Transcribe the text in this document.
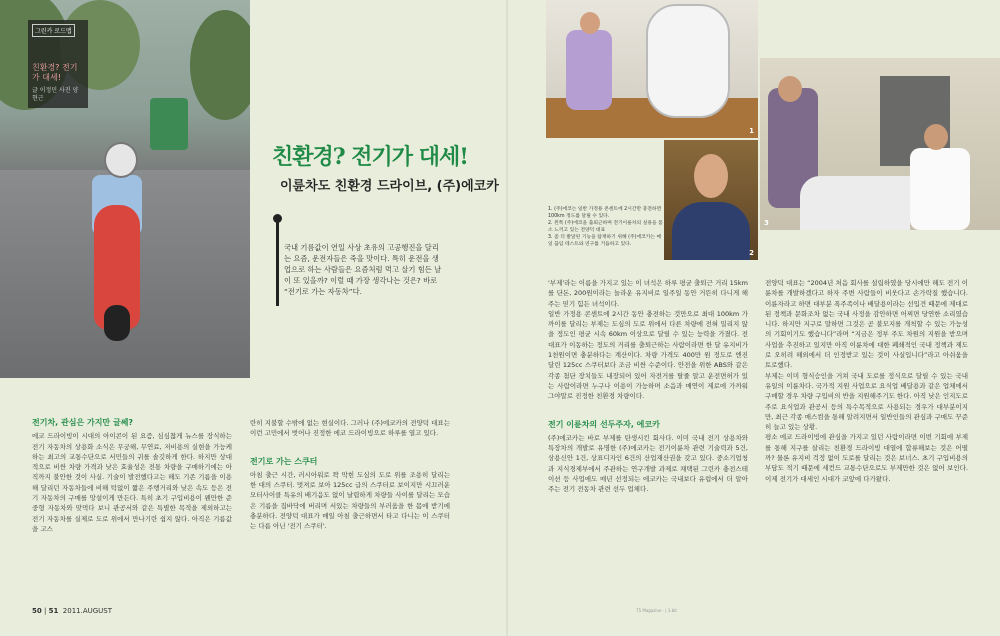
그린카 로드맵
친환경? 전기가 대세!
글 이정민 사진 양현근
친환경? 전기가 대세!
이륜차도 친환경 드라이브, (주)에코카
국내 기름값이 연일 사상 초유의 고공행진을 달리는 요즘, 운전자들은 죽을 맛이다. 특히 운전을 생업으로 하는 사람들은 요즘처럼 먹고 살기 힘든 날이 또 있을까? 이럴 때 가장 생각나는 것은? 바로 “전기로 가는 자동차”다.
1
2
3
1. (주)에코는 일반 가정용 콘센트에 2시간만 충전하면 100km 정도를 달릴 수 있다.
2. 왼쪽 (주)에코을 출퇴근하며 전기이륜차의 실용을 몸소 느끼고 있는 전양덕 대표
3. 좀 더 발달된 기능을 탑재하기 위해 (주)에코카는 매일 끊임 테스트와 연구를 거듭하고 있다.
전기차, 관심은 가지만 글쎄?
에코 드라이빙이 시대의 아이콘이 된 요즘, 심심찮게 뉴스를 장식하는 전기 자동차의 상용화 소식은 무궁해, 무연료, 저비용의 실현을 가능케 하는 최고의 교통수단으로 서민들의 귀를 솔깃하게 한다. 하지만 상대적으로 비싼 차량 가격과 낮은 효율성은 전통 차량을 구매하기에는 아직까지 불안한 것이 사실. 기술이 발전했다고는 해도 기존 기름을 이용해 달리던 자동차들에 비해 턱없이 짧은 주행거리와 낮은 속도 등은 전기 자동차의 구매를 망설이게 만든다. 특히 초기 구입비용이 웬만한 준중형 자동차와 맞먹다 보니 관공서와 같은 특별한 목적을 제외하고는 전기 자동차를 실제로 도로 위에서 만나기란 쉽지 않다. 아직은 기름값을 고스
란히 지불할 수밖에 없는 현실이다. 그러나 (주)에코카의 전양덕 대표는 이런 고민에서 벗어나 진정한 에코 드라이빙으로 하루를 열고 있다.
전기로 가는 스쿠터
아침 출근 시간, 러시아워로 꽉 막힌 도심의 도로 위를 조용히 달리는 한 대의 스쿠터. 멋져로 보아 125cc 급의 스쿠터로 보이지만 시끄러운 모터사이클 특유의 배기음도 없이 날렵하게 차량들 사이를 달리는 모습은 기름을 집바닥에 버리며 서있는 차량들의 부러움을 한 몸에 받기에 충분하다. 전양덕 대표가 매일 아침 출근하면서 타고 다니는 이 스쿠터는 다름 아닌 '전기 스쿠터'.
'부제'라는 이름을 가지고 있는 이 녀석은 하루 평균 출퇴근 거리 15km를 단돈, 200원이라는 놀라운 유지비로 일주일 동안 거뜬히 다니게 해주는 믿기 힘든 녀석이다.
일반 가정용 콘센트에 2시간 동안 충전하는 것만으로 최대 100km 가까이를 달리는 부제는 도심의 도로 위에서 다른 차량에 전혀 밀리지 않을 정도인 평균 시속 60km 이상으로 달릴 수 있는 능력을 가졌다. 전 대표가 이동하는 정도의 거리를 출퇴근하는 사람이라면 한 달 유지비가 1천원이면 충분하다는 계산이다. 차량 가격도 400만 원 정도로 엔진 달린 125cc 스쿠터보다 조금 비싼 수준이다. 안전을 위한 ABS와 같은 각종 첨단 장치들도 내장되어 있어 자전거를 탈줄 알고 운전면허가 있는 사람이라면 누구나 이용이 가능하며 소음과 매연이 제로에 가까워 그야말로 진정한 친환경 차량이다.
전기 이륜차의 선두주자, 에코카
(주)에코카는 바로 부제를 탄생시킨 회사다. 이미 국내 전기 상용차와 특장차의 개발로 유명한 (주)에코카는 전기이륜차 관련 기술력과 5건, 상용신안 1건, 상표디자인 6건의 산업재산권을 갖고 있다. 중소기업청과 지식경제부에서 주관하는 연구개발 과제로 채택된 그린카 충전스테이션 등 사업에도 매년 선정되는 에코카는 국내보다 유럽에서 더 알아주는 전기 전동차 관련 선두 업체다.
전양덕 대표는 “2004년 처음 회사를 설립하였을 당시에만 해도 전기 이륜차를 개발하겠다고 하자 주변 사람들이 비웃다고 손가락질 했습니다. 이륜자라고 하면 대부분 폭주족이나 배달용이라는 선입견 때문에 제대로 된 정책과 문화조차 없는 국내 사정을 감안하면 어찌면 당연한 소리였습니다. 하지만 지구로 말하면 그것은 곧 불모지를 개척할 수 있는 가능성의 기회이기도 했습니다”라며 “지금은 정부 주도 차원의 지원을 받으며 사업을 추진하고 있지만 아직 이륜차에 대한 폐쇄적인 국내 정책과 제도로 오히려 해외에서 더 인정받고 있는 것이 사실입니다”라고 아쉬움을 토로했다.
부제는 이미 형식승인을 거쳐 국내 도로를 정식으로 달릴 수 있는 국내 유일의 이륜차다. 국가적 지원 사업으로 요식업 배달용과 같은 업체에서 구매할 경우 차량 구입비의 반을 지원해주기도 한다. 아직 낮은 인지도로 주로 요식업과 관공서 등의 특수목적으로 사용되는 경우가 대부분이지만, 최근 각종 매스컴을 통해 알려지면서 일반인들의 관심과 구매도 꾸준히 늘고 있는 상황.
평소 에코 드라이빙에 관심을 가지고 있던 사람이라면 이번 기회에 부제를 통해 지구를 살리는 친환경 드라이빙 대열에 합류해보는 것은 어떨까? 물론 유지비 걱정 없이 도로를 달리는 것은 보너스. 초기 구입비용의 부담도 적기 때문에 세컨드 교통수단으로도 부제만한 것은 없어 보인다. 이제 전기가 대세인 시대가 코앞에 다가왔다.
50 | 51 2011.AUGUST	75 Magazine · | 3.bit
